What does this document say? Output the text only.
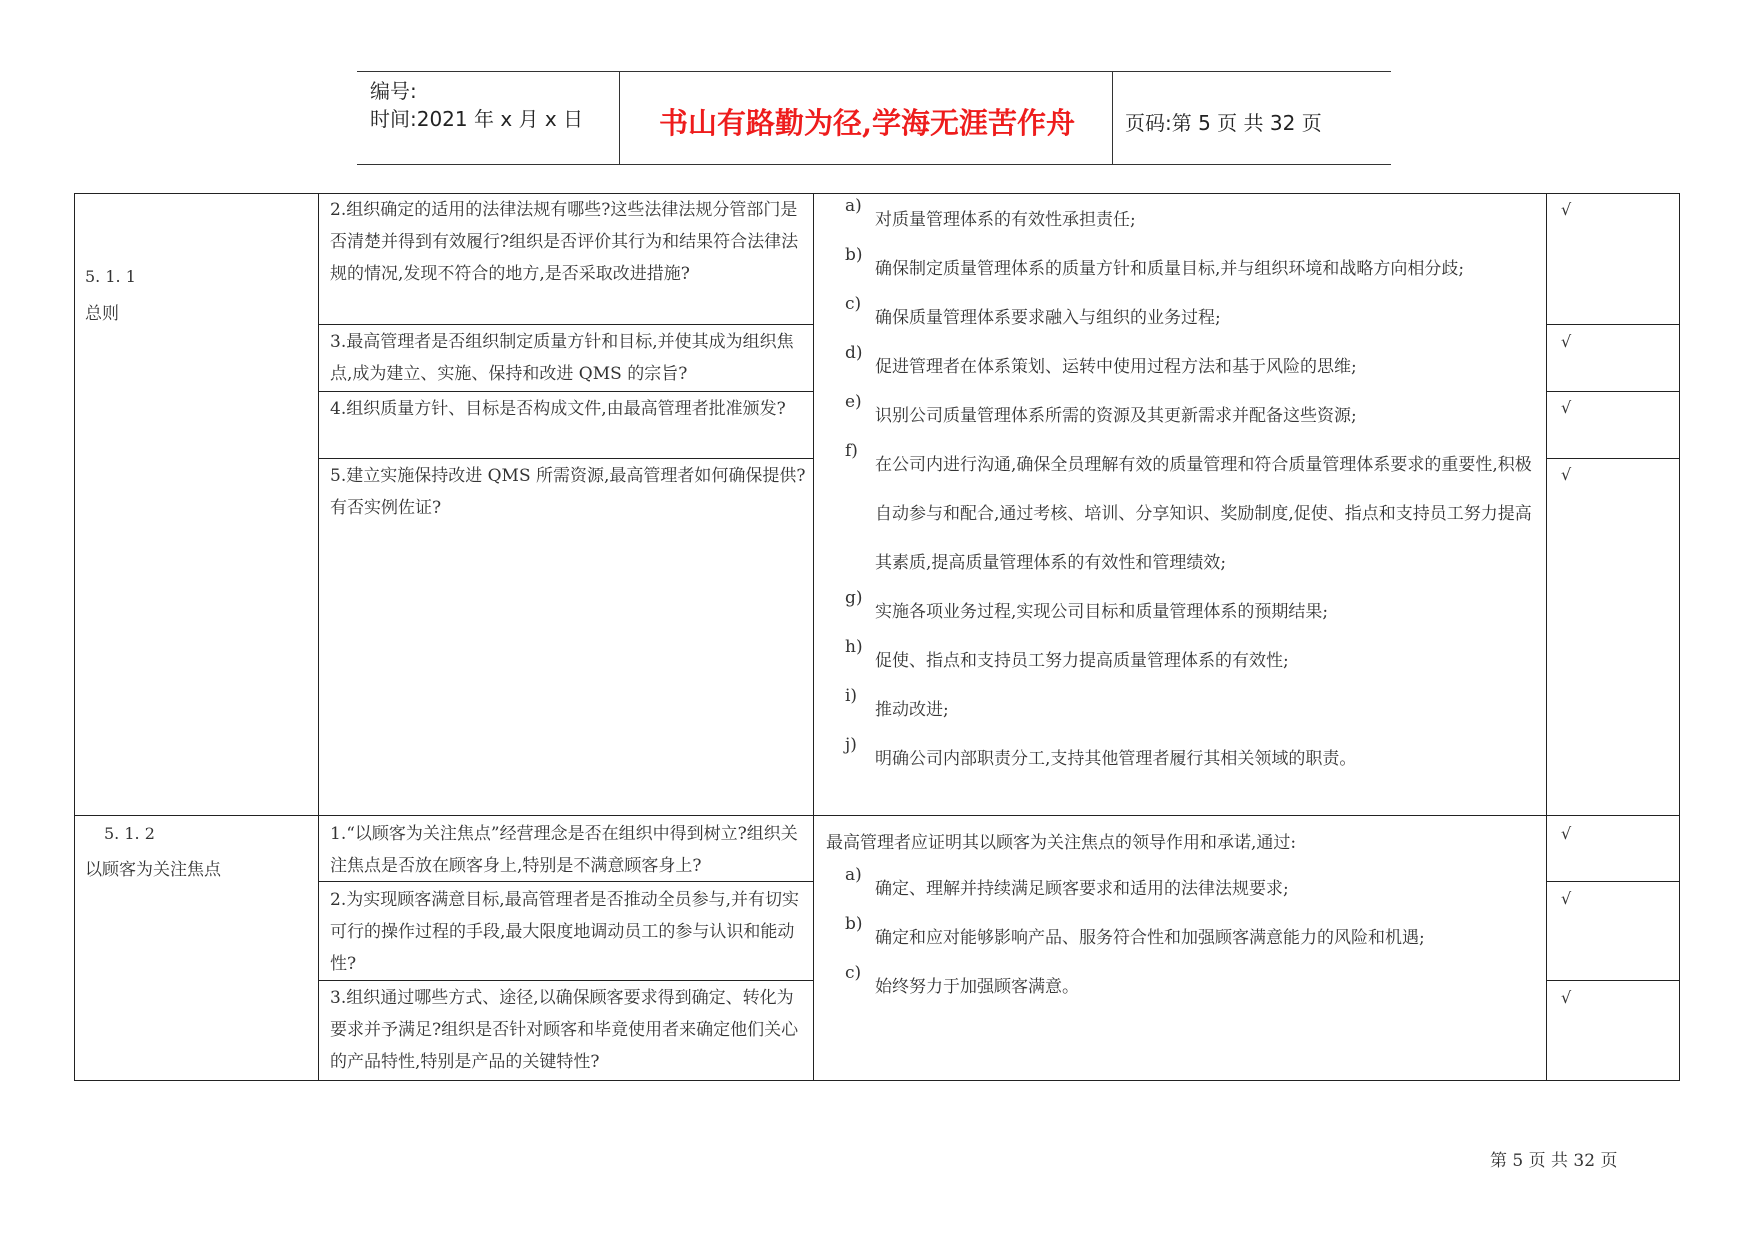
编号:
时间:2021 年 x 月 x 日	书山有路勤为径,学海无涯苦作舟	页码:第 5 页 共 32 页
5. 1. 1
总则
2.组织确定的适用的法律法规有哪些?这些法律法规分管部门是否清楚并得到有效履行?组织是否评价其行为和结果符合法律法规的情况,发现不符合的地方,是否采取改进措施?
3.最高管理者是否组织制定质量方针和目标,并使其成为组织焦点,成为建立、实施、保持和改进 QMS 的宗旨?
4.组织质量方针、目标是否构成文件,由最高管理者批准颁发?
5.建立实施保持改进 QMS 所需资源,最高管理者如何确保提供?有否实例佐证?
a)
对质量管理体系的有效性承担责任;
b)
确保制定质量管理体系的质量方针和质量目标,并与组织环境和战略方向相分歧;
c)
确保质量管理体系要求融入与组织的业务过程;
d)
促进管理者在体系策划、运转中使用过程方法和基于风险的思维;
e)
识别公司质量管理体系所需的资源及其更新需求并配备这些资源;
f)
在公司内进行沟通,确保全员理解有效的质量管理和符合质量管理体系要求的重要性,积极自动参与和配合,通过考核、培训、分享知识、奖励制度,促使、指点和支持员工努力提高其素质,提高质量管理体系的有效性和管理绩效;
g)
实施各项业务过程,实现公司目标和质量管理体系的预期结果;
h)
促使、指点和支持员工努力提高质量管理体系的有效性;
i)
推动改进;
j)
明确公司内部职责分工,支持其他管理者履行其相关领域的职责。
√
√
√
√
5. 1. 2
以顾客为关注焦点
1.“以顾客为关注焦点”经营理念是否在组织中得到树立?组织关注焦点是否放在顾客身上,特别是不满意顾客身上?
2.为实现顾客满意目标,最高管理者是否推动全员参与,并有切实可行的操作过程的手段,最大限度地调动员工的参与认识和能动性?
3.组织通过哪些方式、途径,以确保顾客要求得到确定、转化为要求并予满足?组织是否针对顾客和毕竟使用者来确定他们关心的产品特性,特别是产品的关键特性?
最高管理者应证明其以顾客为关注焦点的领导作用和承诺,通过:
a)
确定、理解并持续满足顾客要求和适用的法律法规要求;
b)
确定和应对能够影响产品、服务符合性和加强顾客满意能力的风险和机遇;
c)
始终努力于加强顾客满意。
√
√
√
第 5 页 共 32 页
